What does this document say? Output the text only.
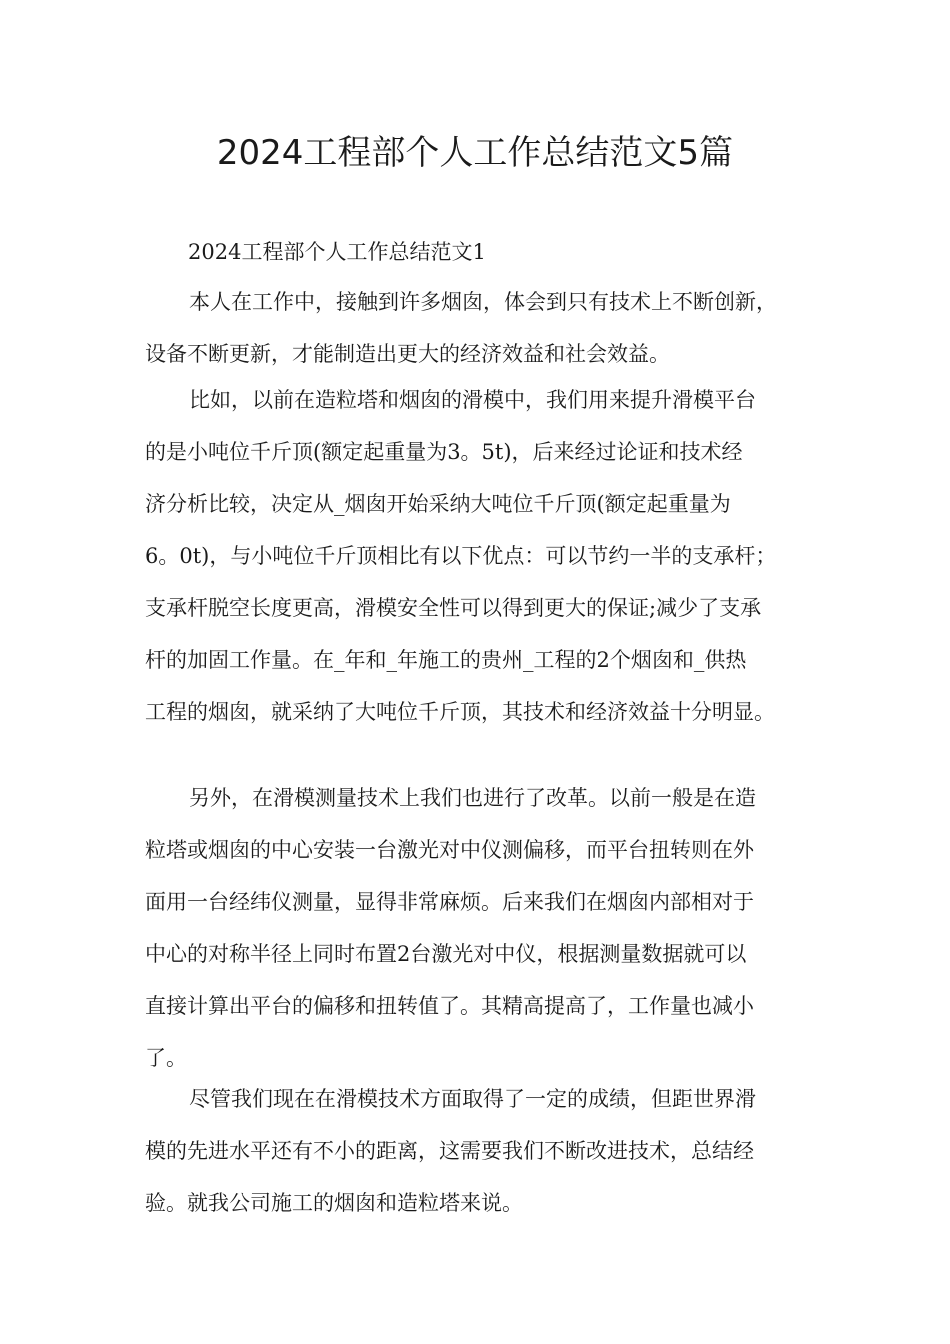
2024工程部个人工作总结范文5篇

2024工程部个人工作总结范文1

本人在工作中，接触到许多烟囱，体会到只有技术上不断创新，
设备不断更新，才能制造出更大的经济效益和社会效益。
比如，以前在造粒塔和烟囱的滑模中，我们用来提升滑模平台
的是小吨位千斤顶(额定起重量为3。5t)，后来经过论证和技术经
济分析比较，决定从_烟囱开始采纳大吨位千斤顶(额定起重量为
6。0t)，与小吨位千斤顶相比有以下优点：可以节约一半的支承杆；
支承杆脱空长度更高，滑模安全性可以得到更大的保证;减少了支承
杆的加固工作量。在_年和_年施工的贵州_工程的2个烟囱和_供热
工程的烟囱，就采纳了大吨位千斤顶，其技术和经济效益十分明显。
另外，在滑模测量技术上我们也进行了改革。以前一般是在造
粒塔或烟囱的中心安装一台激光对中仪测偏移，而平台扭转则在外
面用一台经纬仪测量，显得非常麻烦。后来我们在烟囱内部相对于
中心的对称半径上同时布置2台激光对中仪，根据测量数据就可以
直接计算出平台的偏移和扭转值了。其精高提高了，工作量也减小
了。
尽管我们现在在滑模技术方面取得了一定的成绩，但距世界滑
模的先进水平还有不小的距离，这需要我们不断改进技术，总结经
验。就我公司施工的烟囱和造粒塔来说。
